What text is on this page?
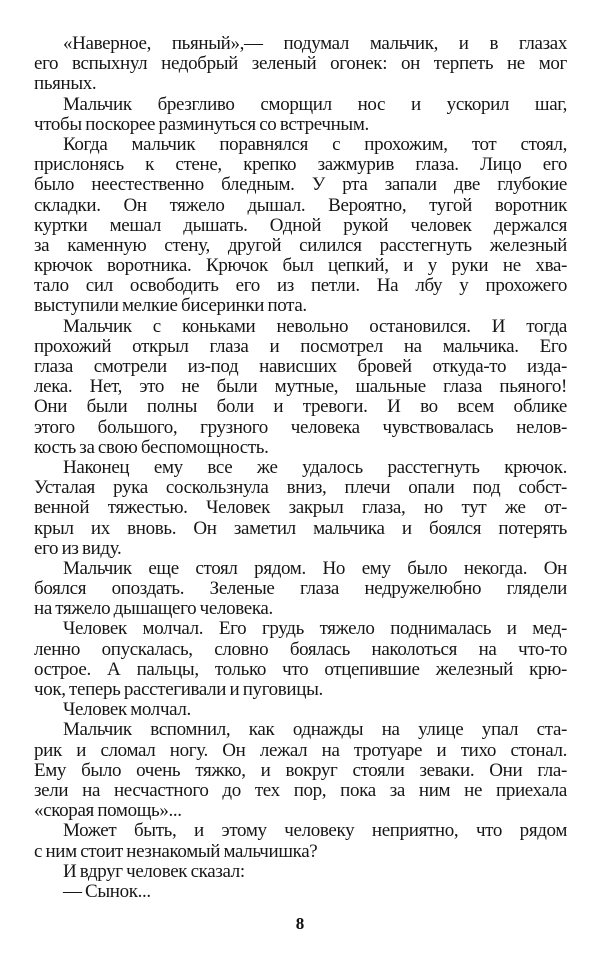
«Наверное, пьяный»,— подумал мальчик, и в глазах
его вспыхнул недобрый зеленый огонек: он терпеть не мог
пьяных.
Мальчик брезгливо сморщил нос и ускорил шаг,
чтобы поскорее разминуться со встречным.
Когда мальчик поравнялся с прохожим, тот стоял,
прислонясь к стене, крепко зажмурив глаза. Лицо его
было неестественно бледным. У рта запали две глубокие
складки. Он тяжело дышал. Вероятно, тугой воротник
куртки мешал дышать. Одной рукой человек держался
за каменную стену, другой силился расстегнуть железный
крючок воротника. Крючок был цепкий, и у руки не хва-
тало сил освободить его из петли. На лбу у прохожего
выступили мелкие бисеринки пота.
Мальчик с коньками невольно остановился. И тогда
прохожий открыл глаза и посмотрел на мальчика. Его
глаза смотрели из-под нависших бровей откуда-то изда-
лека. Нет, это не были мутные, шальные глаза пьяного!
Они были полны боли и тревоги. И во всем облике
этого большого, грузного человека чувствовалась нелов-
кость за свою беспомощность.
Наконец ему все же удалось расстегнуть крючок.
Усталая рука соскользнула вниз, плечи опали под собст-
венной тяжестью. Человек закрыл глаза, но тут же от-
крыл их вновь. Он заметил мальчика и боялся потерять
его из виду.
Мальчик еще стоял рядом. Но ему было некогда. Он
боялся опоздать. Зеленые глаза недружелюбно глядели
на тяжело дышащего человека.
Человек молчал. Его грудь тяжело поднималась и мед-
ленно опускалась, словно боялась наколоться на что-то
острое. А пальцы, только что отцепившие железный крю-
чок, теперь расстегивали и пуговицы.
Человек молчал.
Мальчик вспомнил, как однажды на улице упал ста-
рик и сломал ногу. Он лежал на тротуаре и тихо стонал.
Ему было очень тяжко, и вокруг стояли зеваки. Они гла-
зели на несчастного до тех пор, пока за ним не приехала
«скорая помощь»...
Может быть, и этому человеку неприятно, что рядом
с ним стоит незнакомый мальчишка?
И вдруг человек сказал:
— Сынок...
8
